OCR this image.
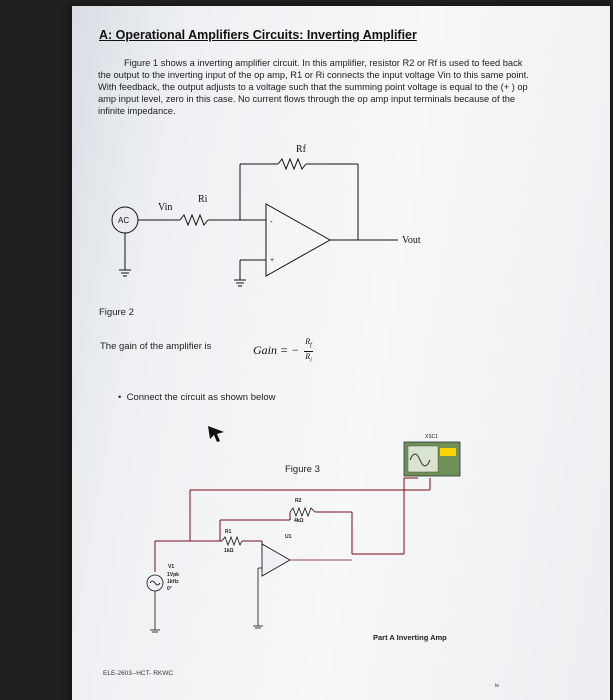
A: Operational Amplifiers Circuits: Inverting Amplifier
Figure 1 shows a inverting amplifier circuit. In this amplifier, resistor R2 or Rf is used to feed back the output to the inverting input of the op amp, R1 or Ri connects the input voltage Vin to this same point. With feedback, the output adjusts to a voltage such that the summing point voltage is equal to the (+ ) op amp input level, zero in this case. No current flows through the op amp input terminals because of the infinite impedance.
AC
Vin
Ri
Rf
Vout
-
+
Figure 2
The gain of the amplifier is	Gain = − $\frac{R_f}{R_i}$
•  Connect the circuit as shown below
Figure 3
XSC1
R2
4kΩ
U1
R1
1kΩ
V1
1Vpk
1kHz
0°
Part A Inverting Amp
ELE-2603--HCT- RKWC
te
